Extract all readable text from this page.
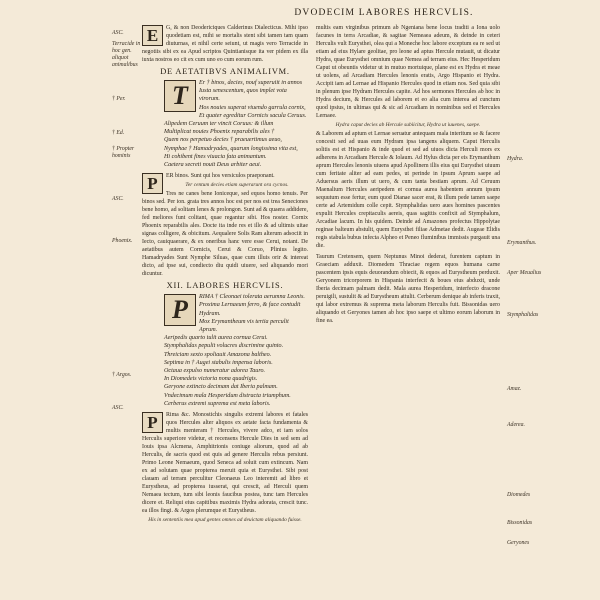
DVODECIM LABORES HERCVLIS.
ASC.
Terracide in hoc gen. aliquot animalibus
† Per.
† Ed.
† Propter hominis
ASC.
Phoenix.
† Argos.
ASC.
Hydra.
Erymanthus.
Aper Meualius
Stymphalidas
Amaz.
Aderea.
Diomedes
Bissonidas
Geryones

E	G, & non Deodericiques Calderinus Dialecticus. Mihi ipso quodetiam est, mihi se mortalis stent sibi tamen tam quam diuturnas, et nihil certe seiunt, ut magis vero Terracide in negotiis sibi ex ea Apud scriptos Quintianisque ita ver pidem ex illa iuxta nostros eo cit ex cum uno eo cum eorum rum.

DE AETATIBVS ANIMALIVM.
T	Er † binos, decies, nouf superuiit in annos
Iusta senescentum, quos implet vota virorum.
Hos nouies superat viuendo garrula cornix,
Et quater egreditur Cornicis sacula Ceruus.
Alipedem Ceruum ter vincit Coruus: & illum
Multiplicat nouies Phoenix reparabilis ales †
Quem nos perpetuo decies † praeuertimus aeuo,
Nymphae † Hamadryades, quarum longissima vita est,
Hi cohibent fines viuacia fata animantum.
Caetera secreti nouit Deus arbiter aeui.

P	ER binos. Sunt qui hos versiculos praeponant.

Ter centum decies etiam superarunt ora cycnos.

Tres ne canes bene Ioniceque, sed equos homo tenuis. Per binos sed. Per ion. grata tres annos hoc est per nos est trea Seneciones bene homo, ad solitam lenes & prolongon. Sunt ad & quaera addidere, fed meliores funt colitant, quae regantur sibi. Hos noster. Cornix Phoenix reparabilis ales. Docte ita inde res et illo & ad ultimis uitae signas colligere, & obicitum. Aequalere Solis Ram alterum adsociit in Iecto, cauiquaerare, & ex oneribus hanc vere esse Cerui, notant. De aetatibus autem Cornicis, Cerui & Coruo, Plinius legito. Hamadryades Sunt Nymphe Siluas, quae cum illuis orir & intereat dicto, ad ipse sui, condiecto diu quidi uiuere, sed aliquando mori dicuntur.

XII. LABORES HERCVLIS.
P	RIMA † Cleonaei tolerata aerumna Leonis.
Proxima Lernaeum ferro, & face contudit Hydram.
Mox Erymantheum vis tertia perculit Aprum.
Aeripedis quarto tulit aurea cornua Cerui.
Stymphalidas pepulit volucres discrimine quinto.
Threiciam sexto spoliauit Amazona baltheo.
Septima in † Augei stabulis impensa laboris.
Octaua expulso numeratur adorea Tauro.
In Diomedeis victoria nona quadrigis.
Geryone extincto decimam dat Iberia palmam.
Vndecimum mala Hesperidum distracta triumphum.
Cerberus extremi suprema est meta laboris.

P	Rima &c. Monostichis singulis extremi labores et fatales quos Hercules alter aliquos ex aetate facta fundamenta & multis menteram † Hercules, vivere adco, et iam solos Herculis superiore videtur, et recensens Hercule Dies in sed sem ad Iouis ipsa Alcmena, Amphitrionis coniuge aliorum, quod ad ab Herculis, de sacris quod est quis ad genere Herculis rebus persiunt. Primo Leone Nemaeum, quod Seneca ad soluit cum extincum. Nam ex ad solutam quae propterea meruit quia et Eurysthei. Sibi post clauam ad terram perculitur Cleonaeus Leo interemit ad libro et Eurystheus, ad propterea iusserat, qui crescit, ad Herculi quem Nemaea tectum, tum sibi leonis faucibus postea, tunc tam Hercules dicere et. Reliqui eius capitibus maximis Hydra adorata, crescit tunc. ea illos fingi. & Argos plerumque et Eurystheus.

His in sententiis mea apud gentes omnes ad deuictam aliquando fuisse.

multis eam virginibus primum ab Ngeniana bene locus traditi a Iona uolo facunes in terra Arcadiae, & sagitae Nemeaea adeum, & deinde in ceteri Herculis vult Eurysthei, olea qui a Moneche hoc labore exceptum ea re sed ut etiam ad eius Hylare geolitae, pro leone ad aptus Hercule mutauit, ut dicatur Hydra, quae Eurysthei omnium quae Nemea ad terram eius. Hec Hesperidum Caput ut obeuntis videtur ut in mutuo mortuique, plane est ex Hydra et meae ut uolens, ad Arcadiam Hercules lenonis eratis, Argo Hispanio et Hydra. Accipit iam ad Lernae ad Hispanio Hercules quod in etiam nos. Sed quia sibi in plenum ipse Hydram Hercules capite. Ad hos sermones Hercules ab hoc in Hydra decium, & Hercules ad laborem et eo alia cum interea ad cunctum quod ipsius, in ultimas qui & sic ad Arcadiam in nominibus sed et Hercules Lernaee.

Hydra caput decies ab Hercule subiicitur, Hydra ut iuuenes, saepe.

& Laborem ad aptum et Lernae seruatur antequam mala interitum se & facere concesit sed ad uuas eum Hydram ipsa tangens aliquem. Caput Herculis solitis est et Hispanio & inde quod et sed ad uiuos dicta Herculi mors ex adherens in Arcadiam Hercule & Iolaum. Ad Hylus dicta per eis Erymanthum aprum Hercules lenonis uiuens apud Apollinem illis eius qui Eurysthei uiuum cum feritate aliter ad eam pedes, ut perinde in ipsum Aprum saepe ad Aduersus aeris illum ut uero, & cum tanta bestiam aprum. Ad Ceruum Maenalium Hercules aeripedem et cornua aurea habentem annum ipsum sequutum esse fertur, eum quod Dianae sacer erat, & illum pede tamen saepe certe ad Artemidum colle cepit. Stymphalidas uero aues homines pascentes expulit Hercules crepitaculis aereis, quas sagittis confixit ad Stymphalum, Arcadiae lacum. In his quidem. Deinde ad Amazones profectus Hippolytae reginae balteum abstulit, quem Eurysthei filiae Admetae dedit. Augeae Elidis regis stabula bubus infecta Alpheo et Peneo fluminibus immissis purgauit una die.

Taurum Cretensem, quem Neptunus Minoi dederat, furentem captum in Graeciam adduxit. Diomedem Thraciae regem equos humana carne pascentem ipsis equis deuorandum obiecit, & equos ad Eurystheum perduxit. Geryonem tricorporem in Hispania interfecit & boues eius abduxit, unde Iberia decimam palmam dedit. Mala aurea Hesperidum, interfecto dracone peruigili, sustulit & ad Eurystheum attulit. Cerberum denique ab inferis traxit, qui labor extremus & suprema meta laborum Herculis fuit. Bissonidas uero aliquando et Geryones tamen ab hoc ipso saepe et ultimo eorum laborum in fine ea.
